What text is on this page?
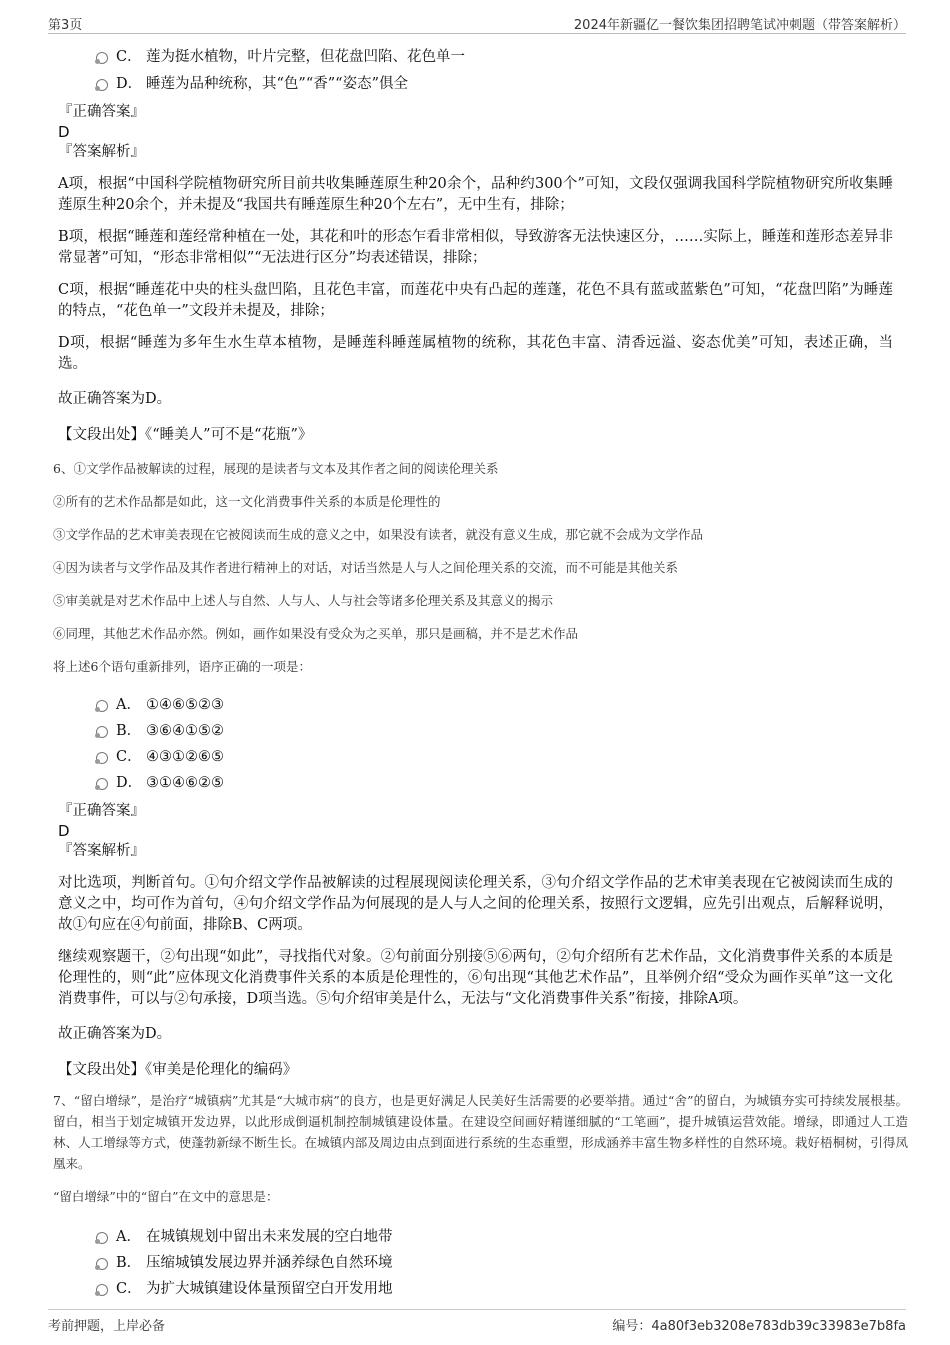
第3页	2024年新疆亿一餐饮集团招聘笔试冲刺题（带答案解析）
C． 莲为挺水植物，叶片完整，但花盘凹陷、花色单一
D． 睡莲为品种统称，其“色”“香”“姿态”俱全
『正确答案』
D
『答案解析』

A项，根据“中国科学院植物研究所目前共收集睡莲原生种20余个，品种约300个”可知，文段仅强调我国科学院植物研究所收集睡莲原生种20余个，并未提及“我国共有睡莲原生种20个左右”，无中生有，排除；

B项，根据“睡莲和莲经常种植在一处，其花和叶的形态乍看非常相似，导致游客无法快速区分，……实际上，睡莲和莲形态差异非常显著”可知，“形态非常相似”“无法进行区分”均表述错误，排除；

C项，根据“睡莲花中央的柱头盘凹陷，且花色丰富，而莲花中央有凸起的莲蓬，花色不具有蓝或蓝紫色”可知，“花盘凹陷”为睡莲的特点，“花色单一”文段并未提及，排除；

D项，根据“睡莲为多年生水生草本植物，是睡莲科睡莲属植物的统称，其花色丰富、清香远溢、姿态优美”可知，表述正确，当选。

故正确答案为D。

【文段出处】《“睡美人”可不是“花瓶”》

6、①文学作品被解读的过程，展现的是读者与文本及其作者之间的阅读伦理关系

②所有的艺术作品都是如此，这一文化消费事件关系的本质是伦理性的

③文学作品的艺术审美表现在它被阅读而生成的意义之中，如果没有读者，就没有意义生成，那它就不会成为文学作品

④因为读者与文学作品及其作者进行精神上的对话，对话当然是人与人之间伦理关系的交流，而不可能是其他关系

⑤审美就是对艺术作品中上述人与自然、人与人、人与社会等诸多伦理关系及其意义的揭示

⑥同理，其他艺术作品亦然。例如，画作如果没有受众为之买单，那只是画稿，并不是艺术作品

将上述6个语句重新排列，语序正确的一项是：

A． ①④⑥⑤②③
B． ③⑥④①⑤②
C． ④③①②⑥⑤
D． ③①④⑥②⑤
『正确答案』
D
『答案解析』

对比选项，判断首句。①句介绍文学作品被解读的过程展现阅读伦理关系，③句介绍文学作品的艺术审美表现在它被阅读而生成的意义之中，均可作为首句，④句介绍文学作品为何展现的是人与人之间的伦理关系，按照行文逻辑，应先引出观点，后解释说明，故①句应在④句前面，排除B、C两项。

继续观察题干，②句出现“如此”，寻找指代对象。②句前面分别接⑤⑥两句，②句介绍所有艺术作品，文化消费事件关系的本质是伦理性的，则“此”应体现文化消费事件关系的本质是伦理性的，⑥句出现“其他艺术作品”，且举例介绍“受众为画作买单”这一文化消费事件，可以与②句承接，D项当选。⑤句介绍审美是什么，无法与“文化消费事件关系”衔接，排除A项。

故正确答案为D。

【文段出处】《审美是伦理化的编码》

7、“留白增绿”，是治疗“城镇病”尤其是“大城市病”的良方，也是更好满足人民美好生活需要的必要举措。通过“舍”的留白，为城镇夯实可持续发展根基。留白，相当于划定城镇开发边界，以此形成倒逼机制控制城镇建设体量。在建设空间画好精谨细腻的“工笔画”，提升城镇运营效能。增绿，即通过人工造林、人工增绿等方式，使蓬勃新绿不断生长。在城镇内部及周边由点到面进行系统的生态重塑，形成涵养丰富生物多样性的自然环境。栽好梧桐树，引得凤凰来。

“留白增绿”中的“留白”在文中的意思是：

A． 在城镇规划中留出未来发展的空白地带
B． 压缩城镇发展边界并涵养绿色自然环境
C． 为扩大城镇建设体量预留空白开发用地
考前押题，上岸必备	编号：4a80f3eb3208e783db39c33983e7b8fa
